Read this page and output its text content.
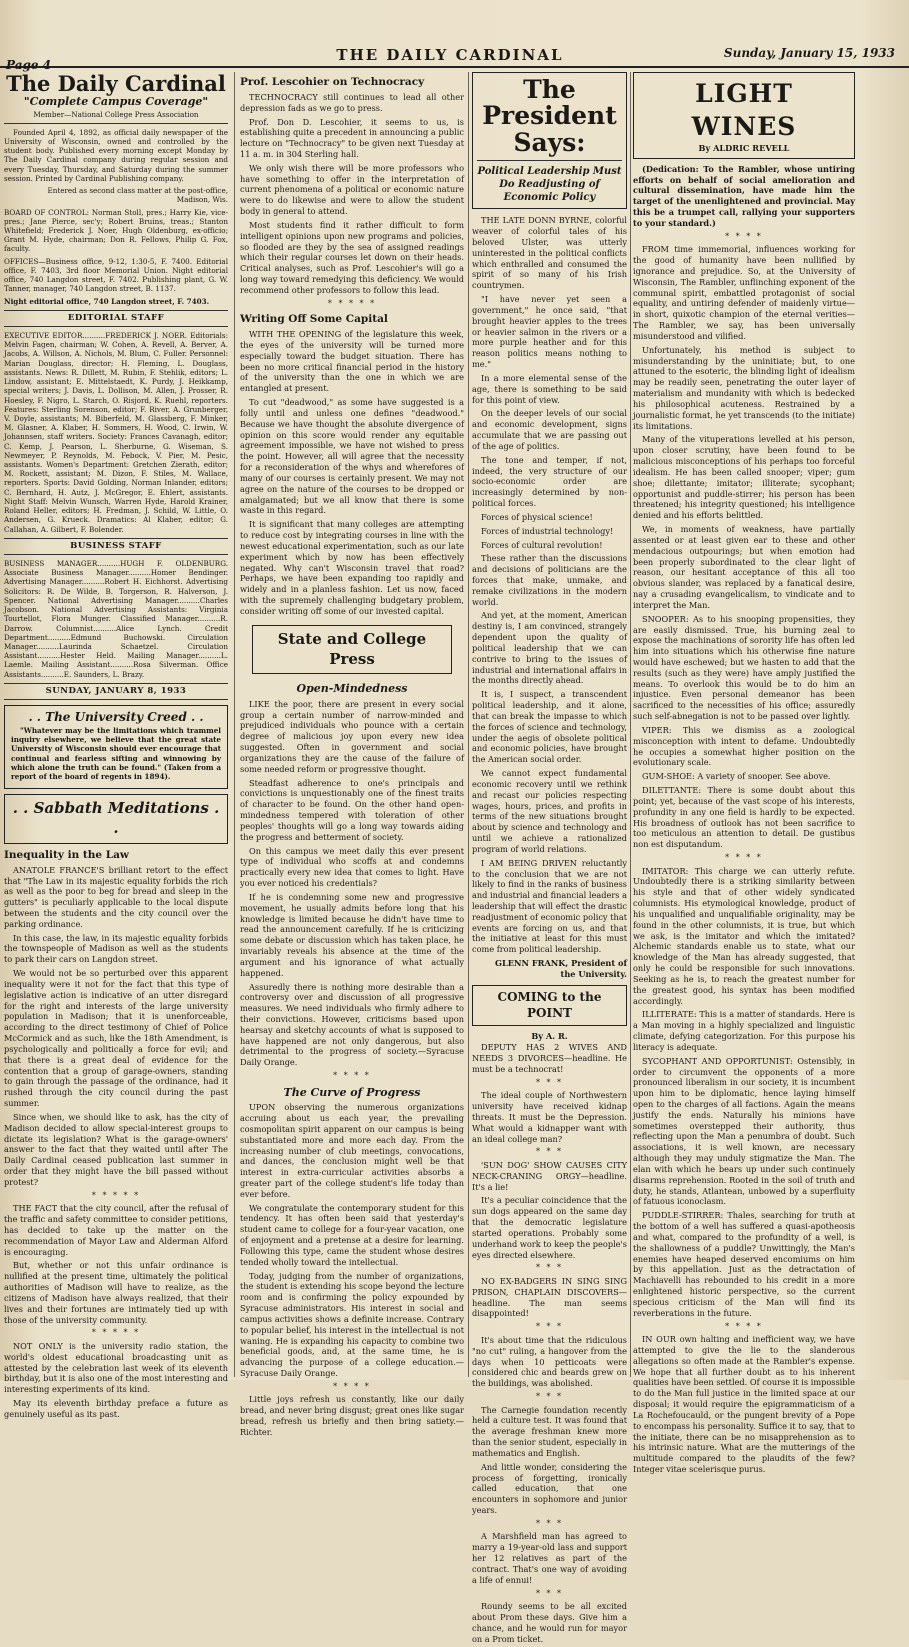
Page 4
THE DAILY CARDINAL	Sunday, January 15, 1933
The Daily Cardinal
"Complete Campus Coverage"
Member—National College Press Association

Founded April 4, 1892, as official daily newspaper of the University of Wisconsin, owned and controlled by the student body. Published every morning except Monday by The Daily Cardinal company during regular session and every Tuesday, Thursday, and Saturday during the summer session. Printed by Cardinal Publishing company.

Entered as second class matter at the post-office, Madison, Wis.

BOARD OF CONTROL: Norman Stoll, pres.; Harry Kie, vice-pres.; Jane Pierce, sec'y; Robert Bruins, treas.; Stanton Whitefield; Frederick J. Noer, Hugh Oldenburg, ex-officio; Grant M. Hyde, chairman; Don R. Fellows, Philip G. Fox, faculty.

OFFICES—Business office, 9-12, 1:30-5, F. 7400. Editorial office, F. 7403, 3rd floor Memorial Union. Night editorial office, 740 Langdon street, F. 7402. Publishing plant, G. W. Tanner, manager, 740 Langdon street, B. 1137.

Night editorial office, 740 Langdon street, F. 7403.

EDITORIAL STAFF

EXECUTIVE EDITOR..........FREDERICK J. NOER. Editorials: Melvin Fagen, chairman; W. Cohen, A. Revell, A. Berver, A. Jacobs, A. Willson, A. Nichols, M. Blum, C. Fuller. Personnel: Marian Douglass, director; H. Fleming, L. Douglass, assistants. News: R. Dillett, M. Rubin, F. Stehlik, editors; L. Lindow, assistant; E. Mittelstaedt, K. Purdy, J. Heikkamp, special writers; J. Davis, L. Dollison, M. Allen, J. Prosser, R. Hoesley, F. Nigro, L. Starch, O. Risjord, K. Ruehl, reporters. Features: Sterling Sorenson, editor; F. River, A. Grunberger, V. Doyle, assistants; M. Biberfeld, M. Glassberg, F. Minker, M. Glasner, A. Klaber, H. Sommers, H. Wood, C. Irwin, W. Johannsen, staff writers. Society: Frances Cavanagh, editor; C. Kemp, J. Pearson, L. Sherburne, G. Wiseman, S. Newmeyer, P. Reynolds, M. Febock, V. Pier, M. Pesic, assistants. Women's Department: Gretchen Zierath, editor; M. Rockett, assistant; M. Dizon, F. Stiles, M. Wallace, reporters. Sports: David Golding, Norman Inlander, editors; C. Bernhard, H. Autz, J. McGregor, E. Ehlert, assistants. Night Staff: Melvin Wunsch, Warren Hyde, Harold Krainer, Roland Heller, editors; H. Fredman, J. Schild, W. Little, O. Andersen, G. Krueck. Dramatics: Al Klaber, editor; G. Callahan, A. Gilbert, F. Bolender.

BUSINESS STAFF

BUSINESS MANAGER..........HUGH F. OLDENBURG. Associate Business Manager..........Homer Bendinger. Advertising Manager..........Robert H. Eichhorst. Advertising Solicitors: R. De Wilde, B. Torgerson, R. Halverson, J. Spencer. National Advertising Manager..........Charles Jacobson. National Advertising Assistants: Virginia Tourtellot, Flora Munger. Classified Manager..........R. Darrow. Columnist..........Alice Lynch. Credit Department..........Edmund Buchowski. Circulation Manager..........Laurinda Schaetzel. Circulation Assistant..........Hester Held. Mailing Manager..........L. Laemle. Mailing Assistant..........Rosa Silverman. Office Assistants..........E. Saunders, L. Brazy.

SUNDAY, JANUARY 8, 1933
. . The University Creed . .

"Whatever may be the limitations which trammel inquiry elsewhere, we believe that the great state University of Wisconsin should ever encourage that continual and fearless sifting and winnowing by which alone the truth can be found." (Taken from a report of the board of regents in 1894).

. . Sabbath Meditations . .
Inequality in the Law

ANATOLE FRANCE'S brilliant retort to the effect that "The Law in its majestic equality forbids the rich as well as the poor to beg for bread and sleep in the gutters" is peculiarly applicable to the local dispute between the students and the city council over the parking ordinance.

In this case, the law, in its majestic equality forbids the townspeople of Madison as well as the students to park their cars on Langdon street.

We would not be so perturbed over this apparent inequality were it not for the fact that this type of legislative action is indicative of an utter disregard for the right and interests of the large university population in Madison; that it is unenforceable, according to the direct testimony of Chief of Police McCormick and as such, like the 18th Amendment, is psychologically and politically a force for evil; and that there is a great deal of evidence for the contention that a group of garage-owners, standing to gain through the passage of the ordinance, had it rushed through the city council during the past summer.

Since when, we should like to ask, has the city of Madison decided to allow special-interest groups to dictate its legislation? What is the garage-owners' answer to the fact that they waited until after The Daily Cardinal ceased publication last summer in order that they might have the bill passed without protest?

* * * * *

THE FACT that the city council, after the refusal of the traffic and safety committee to consider petitions, has decided to take up the matter on the recommendation of Mayor Law and Alderman Alford is encouraging.

But, whether or not this unfair ordinance is nullified at the present time, ultimately the political authorities of Madison will have to realize, as the citizens of Madison have always realized, that their lives and their fortunes are intimately tied up with those of the university community.

* * * * *

NOT ONLY is the university radio station, the world's oldest educational broadcasting unit as attested by the celebration last week of its eleventh birthday, but it is also one of the most interesting and interesting experiments of its kind.

May its eleventh birthday preface a future as genuinely useful as its past.

Prof. Lescohier on Technocracy

TECHNOCRACY still continues to lead all other depression fads as we go to press.

Prof. Don D. Lescohier, it seems to us, is establishing quite a precedent in announcing a public lecture on "Technocracy" to be given next Tuesday at 11 a. m. in 304 Sterling hall.

We only wish there will be more professors who have something to offer in the interpretation of current phenomena of a political or economic nature were to do likewise and were to allow the student body in general to attend.

Most students find it rather difficult to form intelligent opinions upon new programs and policies, so flooded are they by the sea of assigned readings which their regular courses let down on their heads. Critical analyses, such as Prof. Lescohier's will go a long way toward remedying this deficiency. We would recommend other professors to follow this lead.

* * * * *
Writing Off Some Capital

WITH THE OPENING of the legislature this week, the eyes of the university will be turned more especially toward the budget situation. There has been no more critical financial period in the history of the university than the one in which we are entangled at present.

To cut "deadwood," as some have suggested is a folly until and unless one defines "deadwood." Because we have thought the absolute divergence of opinion on this score would render any equitable agreement impossible, we have not wished to press the point. However, all will agree that the necessity for a reconsideration of the whys and wherefores of many of our courses is certainly present. We may not agree on the nature of the courses to be dropped or amalgamated; but we all know that there is some waste in this regard.

It is significant that many colleges are attempting to reduce cost by integrating courses in line with the newest educational experimentation, such as our late experiment which by now has been effectively negated. Why can't Wisconsin travel that road? Perhaps, we have been expanding too rapidly and widely and in a planless fashion. Let us now, faced with the supremely challenging budgetary problem, consider writing off some of our invested capital.

State and College Press
Open-Mindedness

LIKE the poor, there are present in every social group a certain number of narrow-minded and prejudiced individuals who pounce with a certain degree of malicious joy upon every new idea suggested. Often in government and social organizations they are the cause of the failure of some needed reform or progressive thought.

Steadfast adherence to one's principals and convictions is unquestionably one of the finest traits of character to be found. On the other hand open-mindedness tempered with toleration of other peoples' thoughts will go a long way towards aiding the progress and betterment of society.

On this campus we meet daily this ever present type of individual who scoffs at and condemns practically every new idea that comes to light. Have you ever noticed his credentials?

If he is condemning some new and progressive movement, he usually admits before long that his knowledge is limited because he didn't have time to read the announcement carefully. If he is criticizing some debate or discussion which has taken place, he invariably reveals his absence at the time of the argument and his ignorance of what actually happened.

Assuredly there is nothing more desirable than a controversy over and discussion of all progressive measures. We need individuals who firmly adhere to their convictions. However, criticisms based upon hearsay and sketchy accounts of what is supposed to have happened are not only dangerous, but also detrimental to the progress of society.—Syracuse Daily Orange.

* * * *
The Curve of Progress

UPON observing the numerous organizations accruing about us each year, the prevailing cosmopolitan spirit apparent on our campus is being substantiated more and more each day. From the increasing number of club meetings, convocations, and dances, the conclusion might well be that interest in extra-curricular activities absorbs a greater part of the college student's life today than ever before.

We congratulate the contemporary student for this tendency. It has often been said that yesterday's student came to college for a four-year vacation, one of enjoyment and a pretense at a desire for learning. Following this type, came the student whose desires tended wholly toward the intellectual.

Today, judging from the number of organizations, the student is extending his scope beyond the lecture room and is confirming the policy expounded by Syracuse administrators. His interest in social and campus activities shows a definite increase. Contrary to popular belief, his interest in the intellectual is not waning. He is expanding his capacity to combine two beneficial goods, and, at the same time, he is advancing the purpose of a college education.—Syracuse Daily Orange.

* * * *

Little joys refresh us constantly, like our daily bread, and never bring disgust; great ones like sugar bread, refresh us briefly and then bring satiety.—Richter.

The President Says:
Political Leadership Must Do Readjusting of Economic Policy

THE LATE DONN BYRNE, colorful weaver of colorful tales of his beloved Ulster, was utterly uninterested in the political conflicts which enthralled and consumed the spirit of so many of his Irish countrymen.

"I have never yet seen a government," he once said, "that brought heavier apples to the trees or heavier salmon in the rivers or a more purple heather and for this reason politics means nothing to me."

In a more elemental sense of the age, there is something to be said for this point of view.

On the deeper levels of our social and economic development, signs accumulate that we are passing out of the age of politics.

The tone and temper, if not, indeed, the very structure of our socio-economic order are increasingly determined by non-political forces.

Forces of physical science!

Forces of industrial technology!

Forces of cultural revolution!

These rather than the discussions and decisions of politicians are the forces that make, unmake, and remake civilizations in the modern world.

And yet, at the moment, American destiny is, I am convinced, strangely dependent upon the quality of political leadership that we can contrive to bring to the issues of industrial and international affairs in the months directly ahead.

It is, I suspect, a transcendent political leadership, and it alone, that can break the impasse to which the forces of science and technology, under the aegis of obsolete political and economic policies, have brought the American social order.

We cannot expect fundamental economic recovery until we rethink and recast our policies respecting wages, hours, prices, and profits in terms of the new situations brought about by science and technology and until we achieve a rationalized program of world relations.

I AM BEING DRIVEN reluctantly to the conclusion that we are not likely to find in the ranks of business and industrial and financial leaders a leadership that will effect the drastic readjustment of economic policy that events are forcing on us, and that the initiative at least for this must come from political leadership.

GLENN FRANK, President of the University.

COMING to the POINT
By A. R.

DEPUTY HAS 2 WIVES AND NEEDS 3 DIVORCES—headline. He must be a technocrat!

* * *

The ideal couple of Northwestern university have received kidnap threats. It must be the Depression. What would a kidnapper want with an ideal college man?

* * *

'SUN DOG' SHOW CAUSES CITY NECK-CRANING ORGY—headline. It's a lie!

It's a peculiar coincidence that the sun dogs appeared on the same day that the democratic legislature started operations. Probably some underhand work to keep the people's eyes directed elsewhere.

* * *

NO EX-BADGERS IN SING SING PRISON, CHAPLAIN DISCOVERS—headline. The man seems disappointed!

* * *

It's about time that the ridiculous "no cut" ruling, a hangover from the days when 10 petticoats were considered chic and beards grew on the buildings, was abolished.

* * *

The Carnegie foundation recently held a culture test. It was found that the average freshman knew more than the senior student, especially in mathematics and English.

And little wonder, considering the process of forgetting, ironically called education, that one encounters in sophomore and junior years.

* * *

A Marshfield man has agreed to marry a 19-year-old lass and support her 12 relatives as part of the contract. That's one way of avoiding a life of ennui!

* * *

Roundy seems to be all excited about Prom these days. Give him a chance, and he would run for mayor on a Prom ticket.

LIGHT WINES
By ALDRIC REVELL

(Dedication: To the Rambler, whose untiring efforts on behalf of social amelioration and cultural dissemination, have made him the target of the unenlightened and provincial. May this be a trumpet call, rallying your supporters to your standard.)

* * * *

FROM time immemorial, influences working for the good of humanity have been nullified by ignorance and prejudice. So, at the University of Wisconsin, The Rambler, unflinching exponent of the communal spirit, embattled protagonist of social equality, and untiring defender of maidenly virtue—in short, quixotic champion of the eternal verities—The Rambler, we say, has been universally misunderstood and vilified.

Unfortunately, his method is subject to misunderstanding by the uninitiate; but, to one attuned to the esoteric, the blinding light of idealism may be readily seen, penetrating the outer layer of materialism and mundanity with which is bedecked his philosophical acuteness. Restrained by a journalistic format, he yet transcends (to the initiate) its limitations.

Many of the vituperations levelled at his person, upon closer scrutiny, have been found to be malicious misconceptions of his perhaps too forceful idealism. He has been called snooper; viper; gum shoe; dilettante; imitator; illiterate; sycophant; opportunist and puddle-stirrer; his person has been threatened; his integrity questioned; his intelligence denied and his efforts belittled.

We, in moments of weakness, have partially assented or at least given ear to these and other mendacious outpourings; but when emotion had been properly subordinated to the clear light of reason, our hesitant acceptance of this all too obvious slander, was replaced by a fanatical desire, nay a crusading evangelicalism, to vindicate and to interpret the Man.

SNOOPER: As to his snooping propensities, they are easily dismissed. True, his burning zeal to expose the machinations of sorority life has often led him into situations which his otherwise fine nature would have eschewed; but we hasten to add that the results (such as they were) have amply justified the means. To overlook this would be to do him an injustice. Even personal demeanor has been sacrificed to the necessities of his office; assuredly such self-abnegation is not to be passed over lightly.

VIPER: This we dismiss as a zoological misconception with intent to defame. Undoubtedly he occupies a somewhat higher position on the evolutionary scale.

GUM-SHOE: A variety of snooper. See above.

DILETTANTE: There is some doubt about this point; yet, because of the vast scope of his interests, profundity in any one field is hardly to be expected. His broadness of outlook has not been sacrifice to too meticulous an attention to detail. De gustibus non est disputandum.

* * * *

IMITATOR: This charge we can utterly refute. Undoubtedly there is a striking similarity between his style and that of other widely syndicated columnists. His etymological knowledge, product of his unqualified and unqualifiable originality, may be found in the other columnists, it is true, but which we ask, is the imitator and which the imitated? Alchemic standards enable us to state, what our knowledge of the Man has already suggested, that only he could be responsible for such innovations. Seeking as he is, to reach the greatest number for the greatest good, his syntax has been modified accordingly.

ILLITERATE: This is a matter of standards. Here is a Man moving in a highly specialized and linguistic climate, defying categorization. For this purpose his literacy is adequate.

SYCOPHANT AND OPPORTUNIST: Ostensibly, in order to circumvent the opponents of a more pronounced liberalism in our society, it is incumbent upon him to be diplomatic, hence laying himself open to the charges of all factions. Again the means justify the ends. Naturally his minions have sometimes overstepped their authority, thus reflecting upon the Man a penumbra of doubt. Such associations, it is well known, are necessary although they may unduly stigmatize the Man. The elan with which he bears up under such continuely disarms reprehension. Rooted in the soil of truth and duty, he stands, Atlantean, unbowed by a superfluity of fatuous iconoclasm.

PUDDLE-STIRRER: Thales, searching for truth at the bottom of a well has suffered a quasi-apotheosis and what, compared to the profundity of a well, is the shallowness of a puddle? Unwittingly, the Man's enemies have heaped deserved encomiums on him by this appellation. Just as the detractation of Machiavelli has rebounded to his credit in a more enlightened historic perspective, so the current specious criticism of the Man will find its reverberations in the future.

* * * *

IN OUR own halting and inefficient way, we have attempted to give the lie to the slanderous allegations so often made at the Rambler's expense. We hope that all further doubt as to his inherent qualities have been settled. Of course it is impossible to do the Man full justice in the limited space at our disposal; it would require the epigrammaticism of a La Rochefoucauld, or the pungent brevity of a Pope to encompass his personality. Suffice it to say, that to the initiate, there can be no misapprehension as to his intrinsic nature. What are the mutterings of the multitude compared to the plaudits of the few? Integer vitae scelerisque purus.
